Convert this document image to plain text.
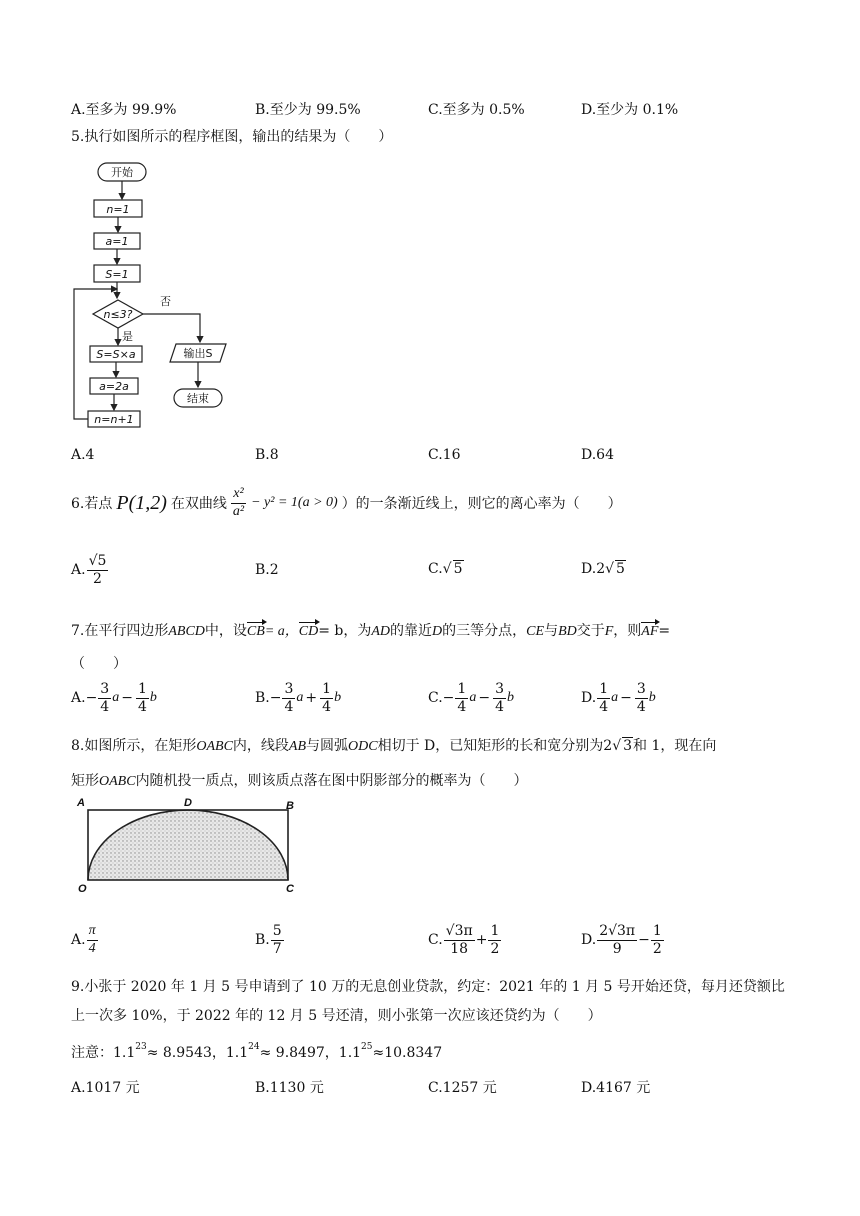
A.至多为 99.9%	B.至少为 99.5%	C.至多为 0.5%	D.至少为 0.1%
5.执行如图所示的程序框图，输出的结果为（　　）
开始
n=1
a=1
S=1
n≤3?
否
是
S=S×a
a=2a
n=n+1
输出S
结束
A.4	B.8	C.16	D.64
6.若点 P(1,2) 在双曲线 $\frac{\text{x²}}{\text{a²}} - y^2 = 1(a > 0)$ ）的一条渐近线上，则它的离心率为（　　）
A. $\frac{√5}{2}$	B.2	C.√ 5	D.2√ 5
7.在平行四边形ABCD中，设CB= a，CD= b，为AD的靠近D的三等分点，CE与BD交于F，则AF=
（　　）
A. − $\frac{3}{4}$ $a - \frac{1}{4}$ b	B. − $\frac{3}{4}$ $a + \frac{1}{4}$ b	C. − $\frac{1}{4}$ $a - \frac{3}{4}$ b	D. $\frac{1}{4}$ $a - \frac{3}{4}$ b
8.如图所示，在矩形OABC内，线段AB与圆弧ODC相切于 D，已知矩形的长和宽分别为2√ 3和 1，现在向
矩形OABC内随机投一质点，则该质点落在图中阴影部分的概率为（　　）
A	D	B
O	C
A. $\frac{\pi}{4}$	B. $\frac{5}{7}$	C. $\frac{√3\pi}{18} + \frac{1}{2}$	D. $\frac{2√3\pi}{9} - \frac{1}{2}$
9.小张于 2020 年 1 月 5 号申请到了 10 万的无息创业贷款，约定：2021 年的 1 月 5 号开始还贷，每月还贷额比
上一次多 10%，于 2022 年的 12 月 5 号还清，则小张第一次应该还贷约为（　　）
注意：$1.1^{23}\approx 8.9543$，$1.1^{24}\approx 9.8497$，$1.1^{25}\approx 10.8347$
A.1017 元	B.1130 元	C.1257 元	D.4167 元
